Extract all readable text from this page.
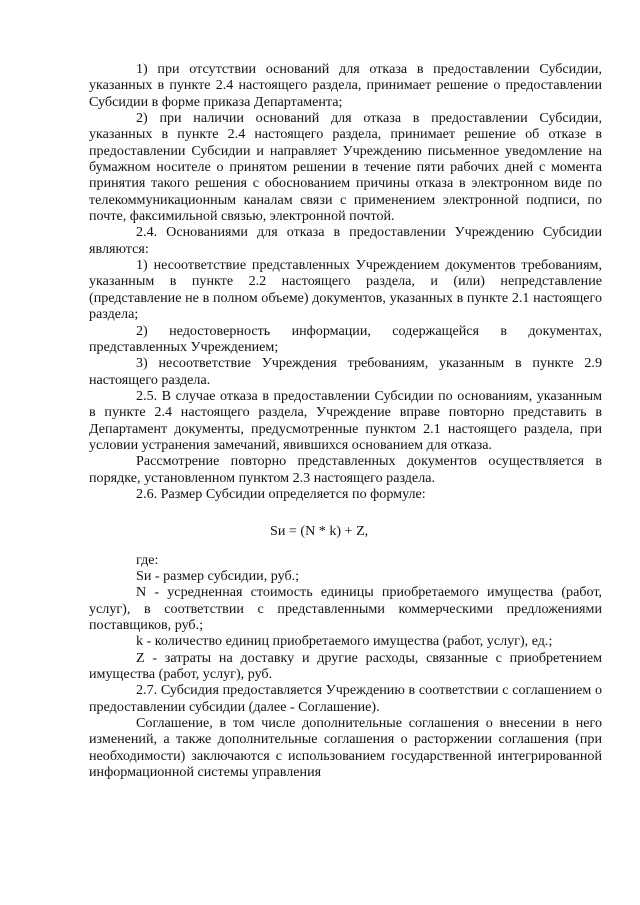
1) при отсутствии оснований для отказа в предоставлении Субсидии, указанных в пункте 2.4 настоящего раздела, принимает решение о предоставлении Субсидии в форме приказа Департамента;

2) при наличии оснований для отказа в предоставлении Субсидии, указанных в пункте 2.4 настоящего раздела, принимает решение об отказе в предоставлении Субсидии и направляет Учреждению письменное уведомление на бумажном носителе о принятом решении в течение пяти рабочих дней с момента принятия такого решения с обоснованием причины отказа в электронном виде по телекоммуникационным каналам связи с применением электронной подписи, по почте, факсимильной связью, электронной почтой.

2.4. Основаниями для отказа в предоставлении Учреждению Субсидии являются:

1) несоответствие представленных Учреждением документов требованиям, указанным в пункте 2.2 настоящего раздела, и (или) непредставление (представление не в полном объеме) документов, указанных в пункте 2.1 настоящего раздела;

2) недостоверность информации, содержащейся в документах, представленных Учреждением;

3) несоответствие Учреждения требованиям, указанным в пункте 2.9 настоящего раздела.

2.5. В случае отказа в предоставлении Субсидии по основаниям, указанным в пункте 2.4 настоящего раздела, Учреждение вправе повторно представить в Департамент документы, предусмотренные пунктом 2.1 настоящего раздела, при условии устранения замечаний, явившихся основанием для отказа.

Рассмотрение повторно представленных документов осуществляется в порядке, установленном пунктом 2.3 настоящего раздела.

2.6. Размер Субсидии определяется по формуле:

Sи = (N * k) + Z,

где:

Sи - размер субсидии, руб.;

N - усредненная стоимость единицы приобретаемого имущества (работ, услуг), в соответствии с представленными коммерческими предложениями поставщиков, руб.;

k - количество единиц приобретаемого имущества (работ, услуг), ед.;

Z - затраты на доставку и другие расходы, связанные с приобретением имущества (работ, услуг), руб.

2.7. Субсидия предоставляется Учреждению в соответствии с соглашением о предоставлении субсидии (далее - Соглашение).

Соглашение, в том числе дополнительные соглашения о внесении в него изменений, а также дополнительные соглашения о расторжении соглашения (при необходимости) заключаются с использованием государственной интегрированной информационной системы управления
